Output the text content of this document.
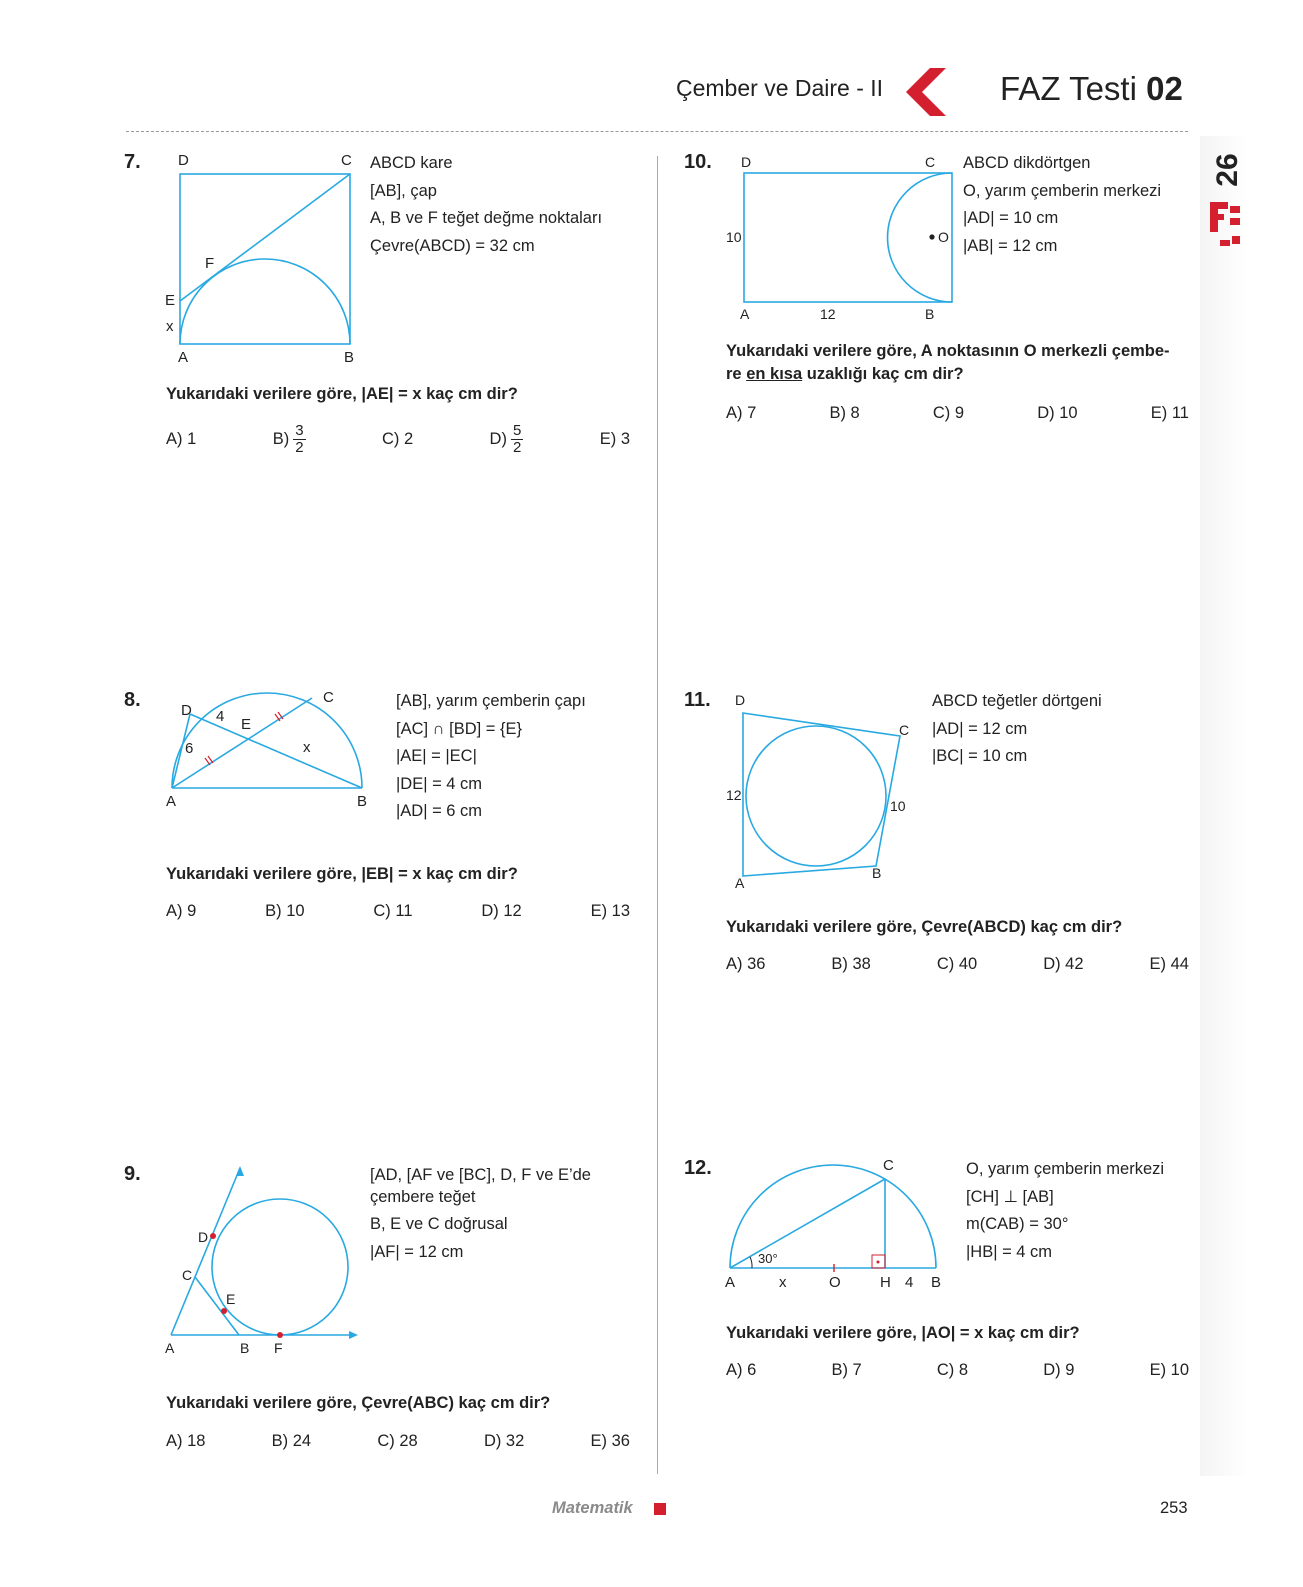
Çember ve Daire - II	FAZ Testi 02
26
7. D	C
F
E
x
A	B
ABCD kare
[AB], çap
A, B ve F teğet değme noktaları
Çevre(ABCD) = 32 cm
Yukarıdaki verilere göre, |AE| = x kaç cm dir?
A) 1	$B) \frac{3}{2}$	C) 2	$D) \frac{5}{2}$	E) 3
8.	C
D 4 E
6	x
A	B
[AB], yarım çemberin çapı
[AC] ∩ [BD] = {E}
|AE| = |EC|
|DE| = 4 cm
|AD| = 6 cm
Yukarıdaki verilere göre, |EB| = x kaç cm dir?
A) 9	B) 10	C) 11	D) 12	E) 13
9.
D
C
E
A	B F
[AD, [AF ve [BC], D, F ve E’de
çembere teğet
B, E ve C doğrusal
|AF| = 12 cm
Yukarıdaki verilere göre, Çevre(ABC) kaç cm dir?
A) 18	B) 24	C) 28	D) 32	E) 36
10. D	C
10	O
A	12	B
ABCD dikdörtgen
O, yarım çemberin merkezi
|AD| = 10 cm
|AB| = 12 cm
Yukarıdaki verilere göre, A noktasının O merkezli çembe-
re en kısa uzaklığı kaç cm dir?
A) 7	B) 8	C) 9	D) 10	E) 11
11. D
C
12
10
B
A
ABCD teğetler dörtgeni
|AD| = 12 cm
|BC| = 10 cm
Yukarıdaki verilere göre, Çevre(ABCD) kaç cm dir?
A) 36	B) 38	C) 40	D) 42	E) 44
12.	C
30°
A	x	O	H 4 B
O, yarım çemberin merkezi
[CH] ⊥ [AB]
m(CAB) = 30°
|HB| = 4 cm
Yukarıdaki verilere göre, |AO| = x kaç cm dir?
A) 6	B) 7	C) 8	D) 9	E) 10
Matematik	253
